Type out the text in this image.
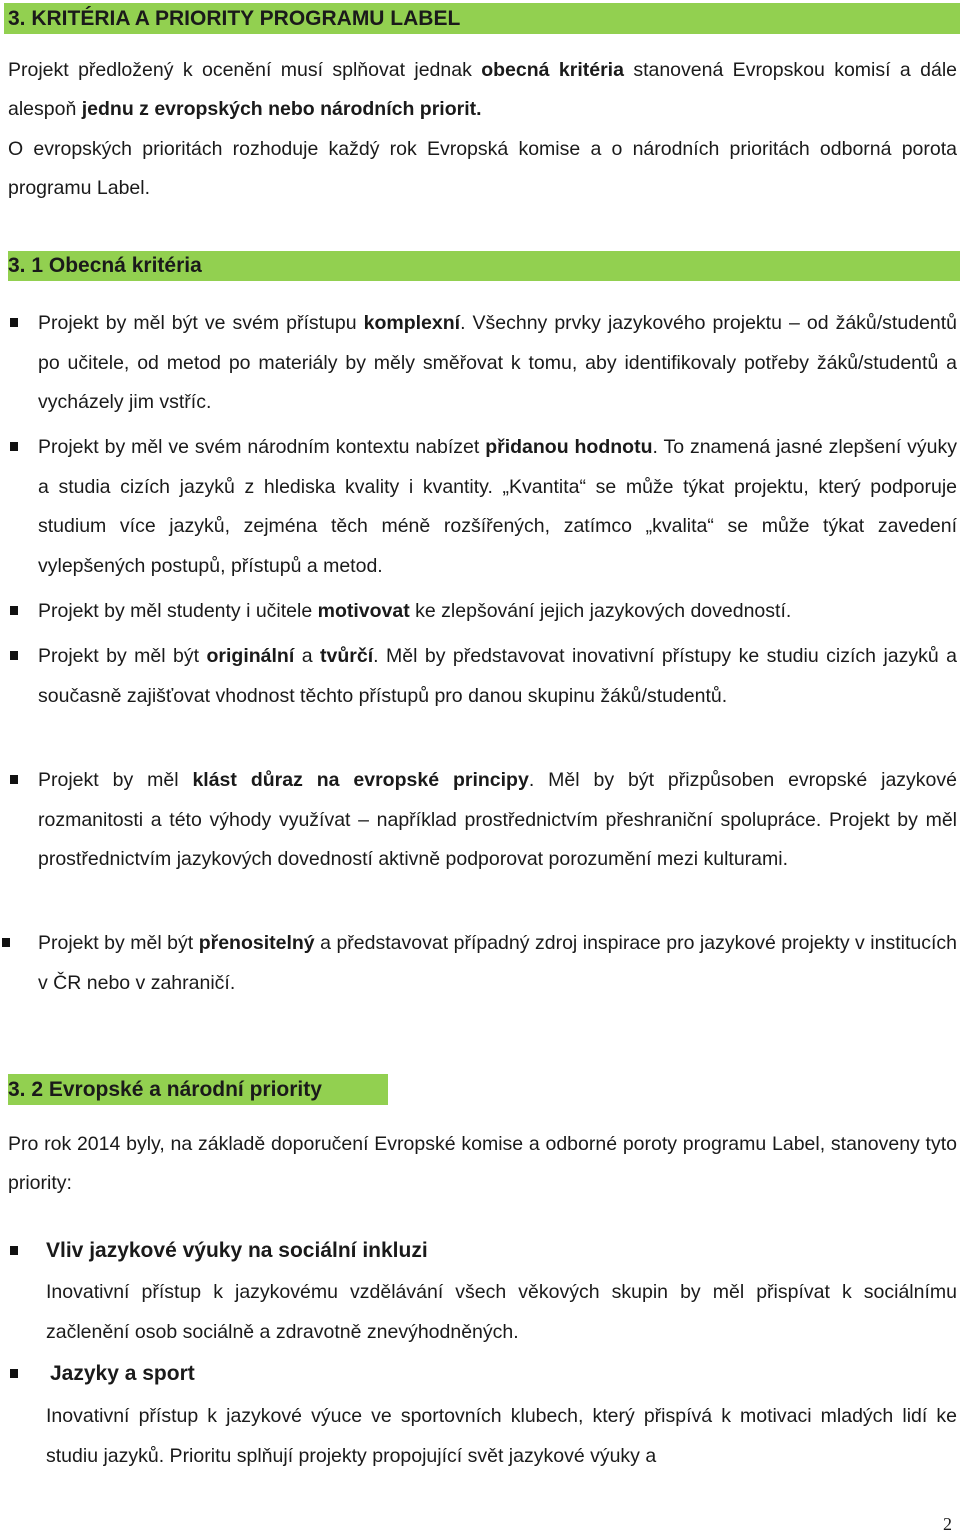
3. KRITÉRIA A PRIORITY PROGRAMU LABEL
Projekt předložený k ocenění musí splňovat jednak obecná kritéria stanovená Evropskou komisí a dále alespoň jednu z evropských nebo národních priorit.
O evropských prioritách rozhoduje každý rok Evropská komise a o národních prioritách odborná porota programu Label.
3. 1 Obecná kritéria
Projekt by měl být ve svém přístupu komplexní. Všechny prvky jazykového projektu – od žáků/studentů po učitele, od metod po materiály by měly směřovat k tomu, aby identifikovaly potřeby žáků/studentů a vycházely jim vstříc.
Projekt by měl ve svém národním kontextu nabízet přidanou hodnotu. To znamená jasné zlepšení výuky a studia cizích jazyků z hlediska kvality i kvantity. „Kvantita“ se může týkat projektu, který podporuje studium více jazyků, zejména těch méně rozšířených, zatímco „kvalita“ se může týkat zavedení vylepšených postupů, přístupů a metod.
Projekt by měl studenty i učitele motivovat ke zlepšování jejich jazykových dovedností.
Projekt by měl být originální a tvůrčí. Měl by představovat inovativní přístupy ke studiu cizích jazyků a současně zajišťovat vhodnost těchto přístupů pro danou skupinu žáků/studentů.
Projekt by měl klást důraz na evropské principy. Měl by být přizpůsoben evropské jazykové rozmanitosti a této výhody využívat – například prostřednictvím přeshraniční spolupráce. Projekt by měl prostřednictvím jazykových dovedností aktivně podporovat porozumění mezi kulturami.
Projekt by měl být přenositelný a představovat případný zdroj inspirace pro jazykové projekty v institucích v ČR nebo v zahraničí.
3. 2 Evropské a národní priority
Pro rok 2014 byly, na základě doporučení Evropské komise a odborné poroty programu Label, stanoveny tyto priority:
Vliv jazykové výuky na sociální inkluzi
Inovativní přístup k jazykovému vzdělávání všech věkových skupin by měl přispívat k sociálnímu začlenění osob sociálně a zdravotně znevýhodněných.
Jazyky a sport
Inovativní přístup k jazykové výuce ve sportovních klubech, který přispívá k motivaci mladých lidí ke studiu jazyků. Prioritu splňují projekty propojující svět jazykové výuky a
2
